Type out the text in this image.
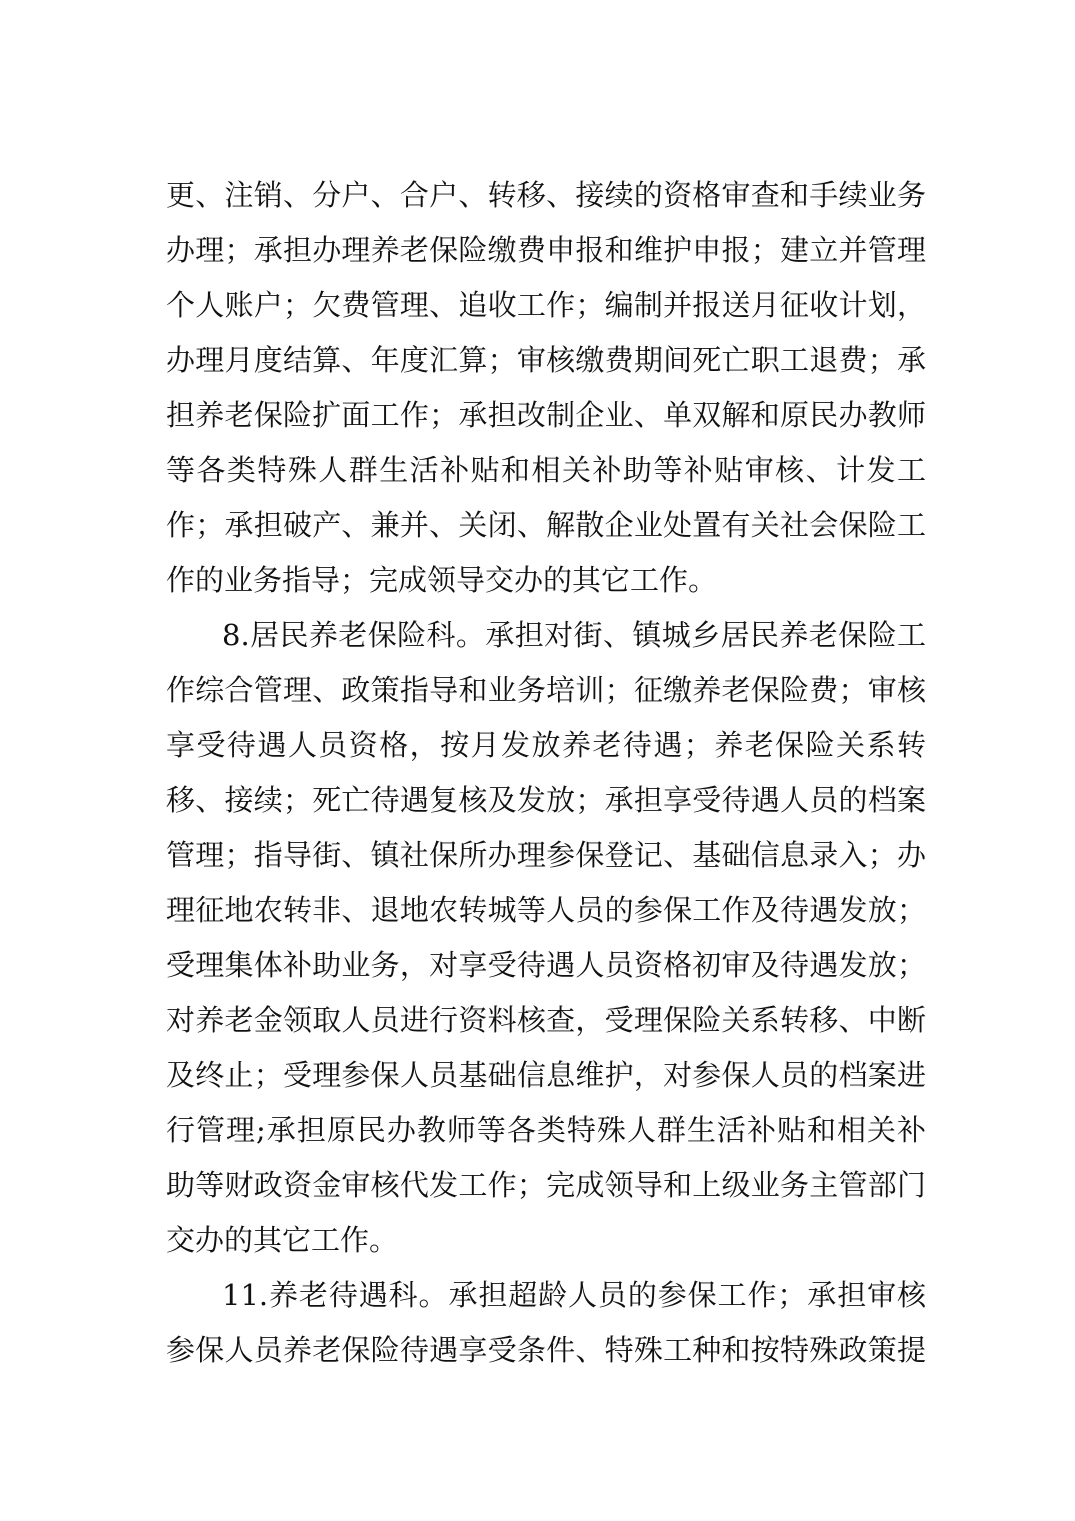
更、注销、分户、合户、转移、接续的资格审查和手续业务
办理；承担办理养老保险缴费申报和维护申报；建立并管理
个人账户；欠费管理、追收工作；编制并报送月征收计划，
办理月度结算、年度汇算；审核缴费期间死亡职工退费；承
担养老保险扩面工作；承担改制企业、单双解和原民办教师
等各类特殊人群生活补贴和相关补助等补贴审核、计发工
作；承担破产、兼并、关闭、解散企业处置有关社会保险工
作的业务指导；完成领导交办的其它工作。
8.居民养老保险科。承担对街、镇城乡居民养老保险工
作综合管理、政策指导和业务培训；征缴养老保险费；审核
享受待遇人员资格，按月发放养老待遇；养老保险关系转
移、接续；死亡待遇复核及发放；承担享受待遇人员的档案
管理；指导街、镇社保所办理参保登记、基础信息录入；办
理征地农转非、退地农转城等人员的参保工作及待遇发放；
受理集体补助业务，对享受待遇人员资格初审及待遇发放；
对养老金领取人员进行资料核查，受理保险关系转移、中断
及终止；受理参保人员基础信息维护，对参保人员的档案进
行管理;承担原民办教师等各类特殊人群生活补贴和相关补
助等财政资金审核代发工作；完成领导和上级业务主管部门
交办的其它工作。
11.养老待遇科。承担超龄人员的参保工作；承担审核
参保人员养老保险待遇享受条件、特殊工种和按特殊政策提
